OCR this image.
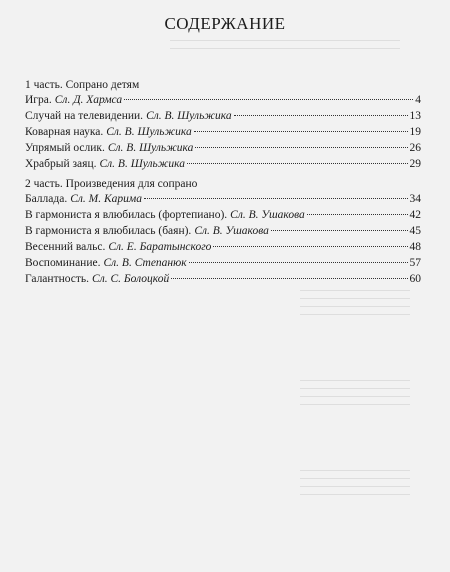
СОДЕРЖАНИЕ
1 часть. Сопрано детям
Игра. Сл. Д. Хармса	4
Случай на телевидении. Сл. В. Шульжика	13
Коварная наука. Сл. В. Шульжика	19
Упрямый ослик. Сл. В. Шульжика	26
Храбрый заяц. Сл. В. Шульжика	29
2 часть. Произведения для сопрано
Баллада. Сл. М. Карима	34
В гармониста я влюбилась (фортепиано). Сл. В. Ушакова	42
В гармониста я влюбилась (баян). Сл. В. Ушакова	45
Весенний вальс. Сл. Е. Баратынского	48
Воспоминание. Сл. В. Степанюк	57
Галантность. Сл. С. Болоцкой	60
